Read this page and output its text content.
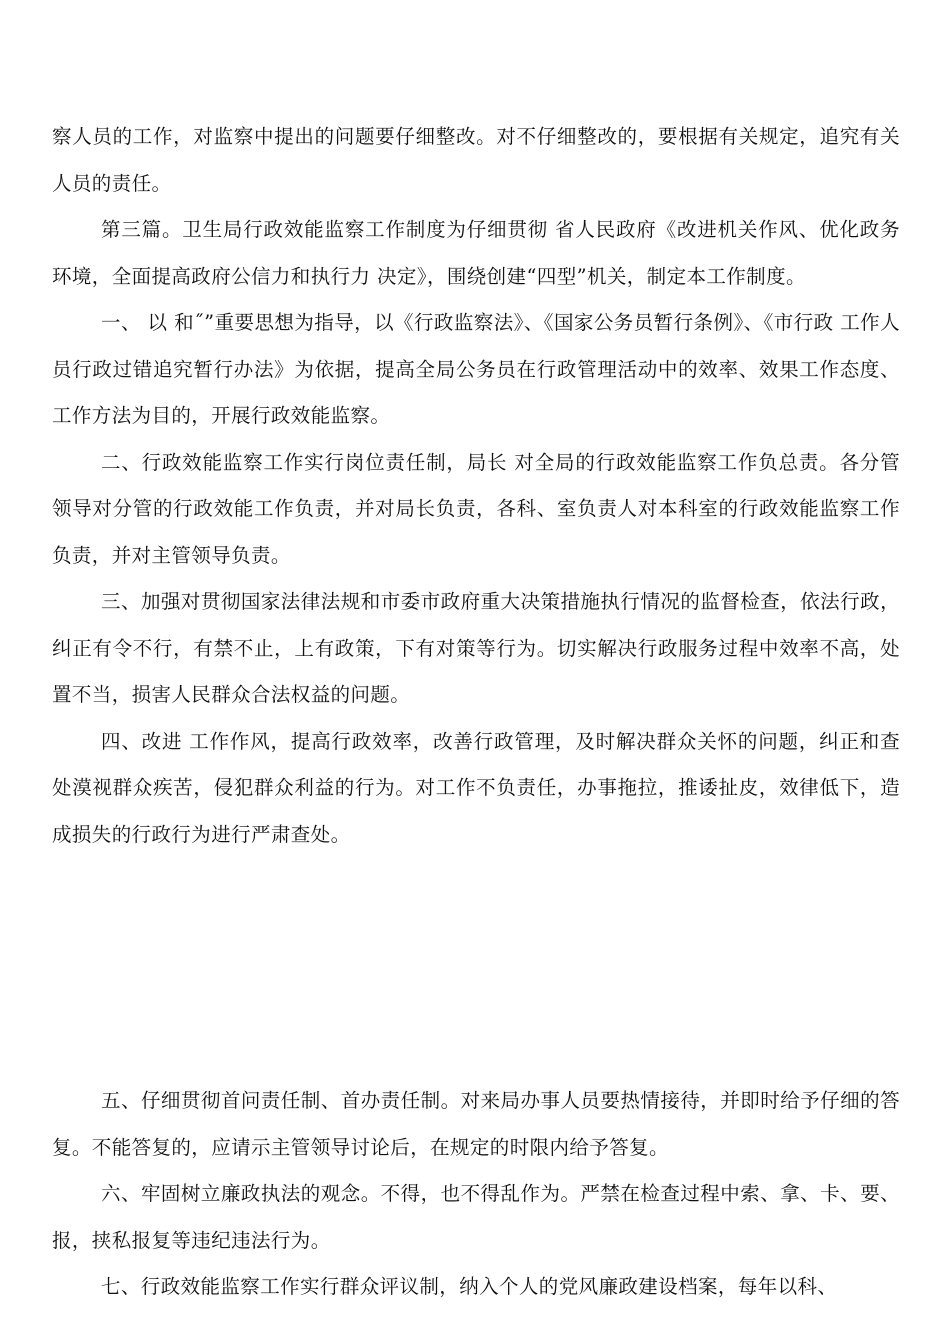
察人员的工作，对监察中提出的问题要仔细整改。对不仔细整改的，要根据有关规定，追究有关人员的责任。

第三篇。卫生局行政效能监察工作制度为仔细贯彻 省人民政府《改进机关作风、优化政务环境，全面提高政府公信力和执行力 决定》，围绕创建“四型”机关，制定本工作制度。

一、 以 和˝”重要思想为指导，以《行政监察法》、《国家公务员暂行条例》、《市行政 工作人员行政过错追究暂行办法》为依据，提高全局公务员在行政管理活动中的效率、效果工作态度、工作方法为目的，开展行政效能监察。

二、行政效能监察工作实行岗位责任制，局长 对全局的行政效能监察工作负总责。各分管领导对分管的行政效能工作负责，并对局长负责，各科、室负责人对本科室的行政效能监察工作负责，并对主管领导负责。

三、加强对贯彻国家法律法规和市委市政府重大决策措施执行情况的监督检查，依法行政，纠正有令不行，有禁不止，上有政策，下有对策等行为。切实解决行政服务过程中效率不高，处置不当，损害人民群众合法权益的问题。

四、改进 工作作风，提高行政效率，改善行政管理，及时解决群众关怀的问题，纠正和查处漠视群众疾苦，侵犯群众利益的行为。对工作不负责任，办事拖拉，推诿扯皮，效律低下，造成损失的行政行为进行严肃查处。

五、仔细贯彻首问责任制、首办责任制。对来局办事人员要热情接待，并即时给予仔细的答复。不能答复的，应请示主管领导讨论后，在规定的时限内给予答复。

六、牢固树立廉政执法的观念。不得，也不得乱作为。严禁在检查过程中索、拿、卡、要、报，挟私报复等违纪违法行为。

七、行政效能监察工作实行群众评议制，纳入个人的党风廉政建设档案，每年以科、
